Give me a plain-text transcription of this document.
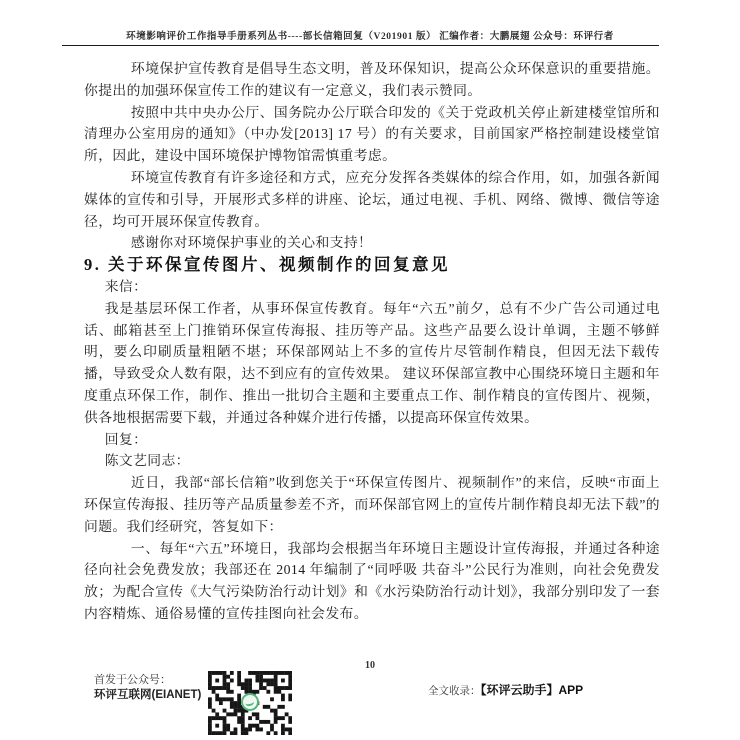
环境影响评价工作指导手册系列丛书----部长信箱回复（V201901 版） 汇编作者：大鹏展翅 公众号：环评行者

环境保护宣传教育是倡导生态文明，普及环保知识，提高公众环保意识的重要措施。你提出的加强环保宣传工作的建议有一定意义，我们表示赞同。

按照中共中央办公厅、国务院办公厅联合印发的《关于党政机关停止新建楼堂馆所和清理办公室用房的通知》（中办发[2013] 17 号）的有关要求，目前国家严格控制建设楼堂馆所，因此，建设中国环境保护博物馆需慎重考虑。

环境宣传教育有许多途径和方式，应充分发挥各类媒体的综合作用，如，加强各新闻媒体的宣传和引导，开展形式多样的讲座、论坛，通过电视、手机、网络、微博、微信等途径，均可开展环保宣传教育。

感谢你对环境保护事业的关心和支持！

9. 关于环保宣传图片、视频制作的回复意见

来信：

我是基层环保工作者，从事环保宣传教育。每年“六五”前夕，总有不少广告公司通过电话、邮箱甚至上门推销环保宣传海报、挂历等产品。这些产品要么设计单调，主题不够鲜明，要么印刷质量粗陋不堪；环保部网站上不多的宣传片尽管制作精良，但因无法下载传播，导致受众人数有限，达不到应有的宣传效果。 建议环保部宣教中心围绕环境日主题和年度重点环保工作，制作、推出一批切合主题和主要重点工作、制作精良的宣传图片、视频，供各地根据需要下载，并通过各种媒介进行传播，以提高环保宣传效果。

回复：

陈文艺同志：

近日，我部“部长信箱”收到您关于“环保宣传图片、视频制作”的来信，反映“市面上环保宣传海报、挂历等产品质量参差不齐，而环保部官网上的宣传片制作精良却无法下载”的问题。我们经研究，答复如下：

一、每年“六五”环境日，我部均会根据当年环境日主题设计宣传海报，并通过各种途径向社会免费发放；我部还在 2014 年编制了“同呼吸 共奋斗”公民行为准则，向社会免费发放；为配合宣传《大气污染防治行动计划》和《水污染防治行动计划》，我部分别印发了一套内容精炼、通俗易懂的宣传挂图向社会发布。

10
首发于公众号：
环评互联网(EIANET)	全文收录：【环评云助手】APP
